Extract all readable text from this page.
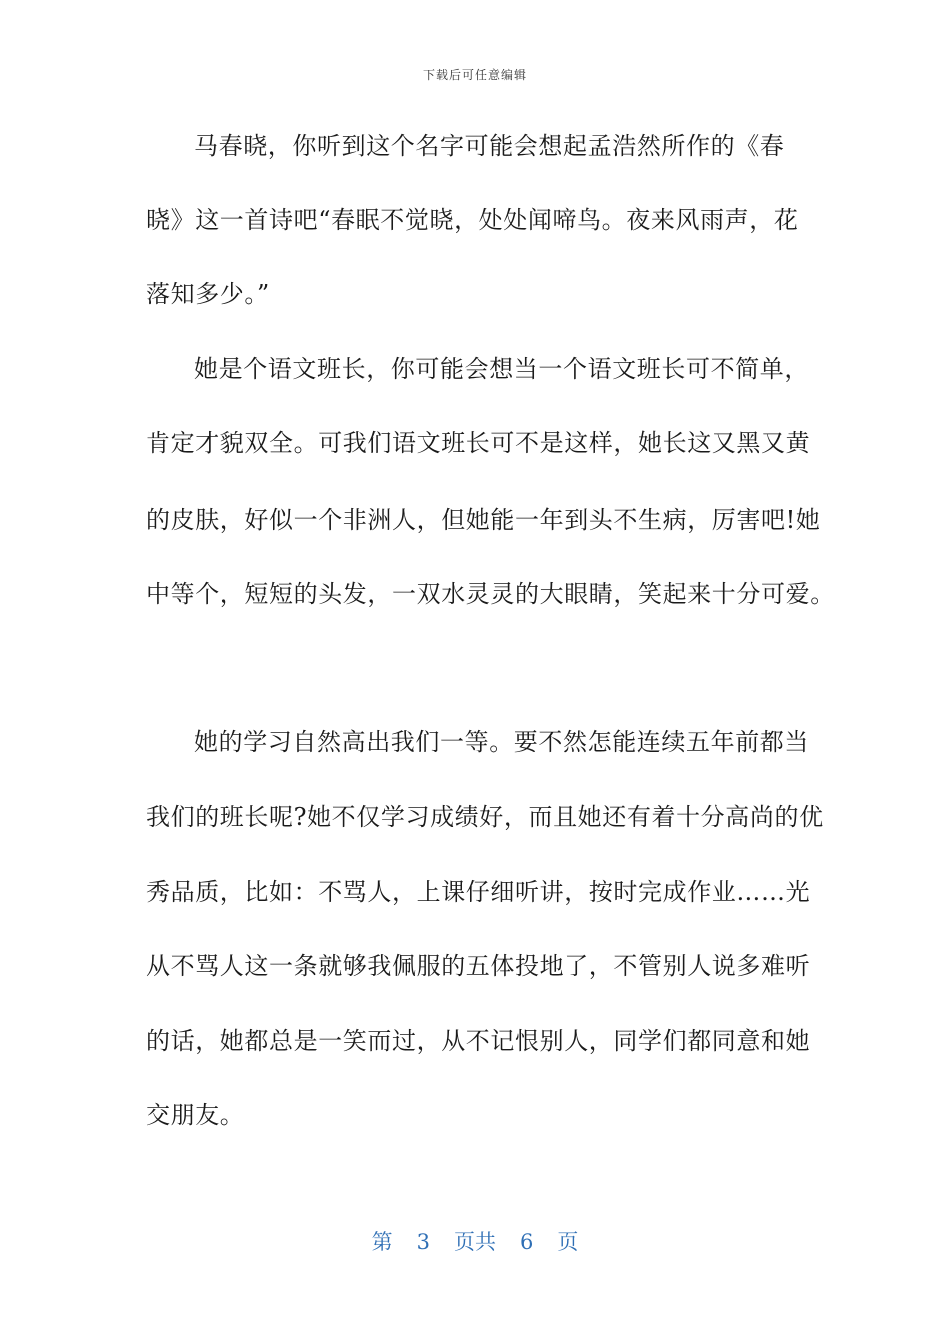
下载后可任意编辑
马春晓，你听到这个名字可能会想起孟浩然所作的《春
晓》这一首诗吧“春眠不觉晓，处处闻啼鸟。夜来风雨声，花
落知多少。”
她是个语文班长，你可能会想当一个语文班长可不简单，
肯定才貌双全。可我们语文班长可不是这样，她长这又黑又黄
的皮肤，好似一个非洲人，但她能一年到头不生病，厉害吧!她
中等个，短短的头发，一双水灵灵的大眼睛，笑起来十分可爱。
她的学习自然高出我们一等。要不然怎能连续五年前都当
我们的班长呢?她不仅学习成绩好，而且她还有着十分高尚的优
秀品质，比如：不骂人，上课仔细听讲，按时完成作业……光
从不骂人这一条就够我佩服的五体投地了，不管别人说多难听
的话，她都总是一笑而过，从不记恨别人，同学们都同意和她
交朋友。
第 3 页共 6 页
